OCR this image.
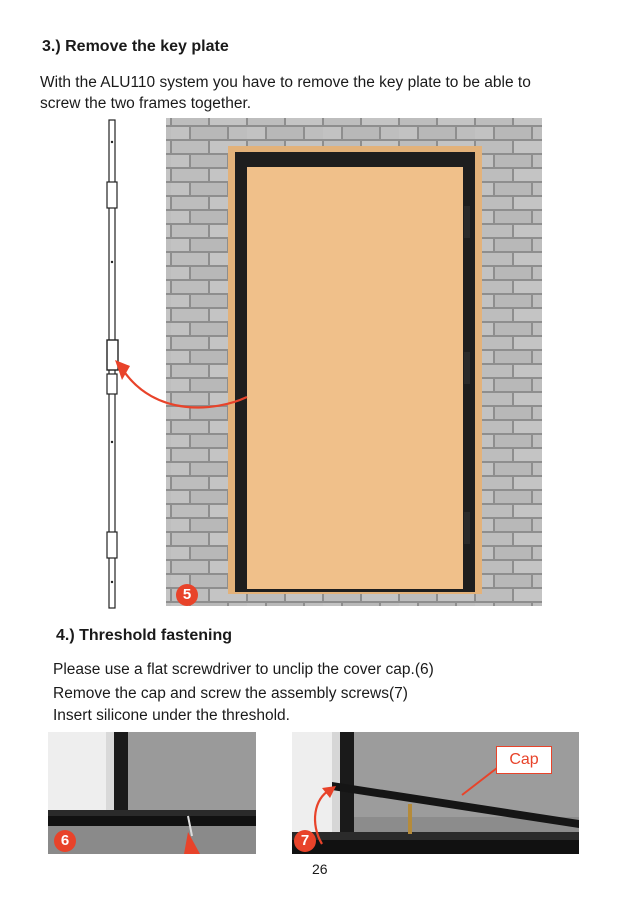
3.) Remove the key plate
With the ALU110 system you have to remove the key plate to be able to
screw the two frames together.
5
4.) Threshold fastening
Please use a flat screwdriver to unclip the cover cap.(6)
Remove the cap and screw the assembly screws(7)
Insert silicone under the threshold.
6
Cap
7
26
